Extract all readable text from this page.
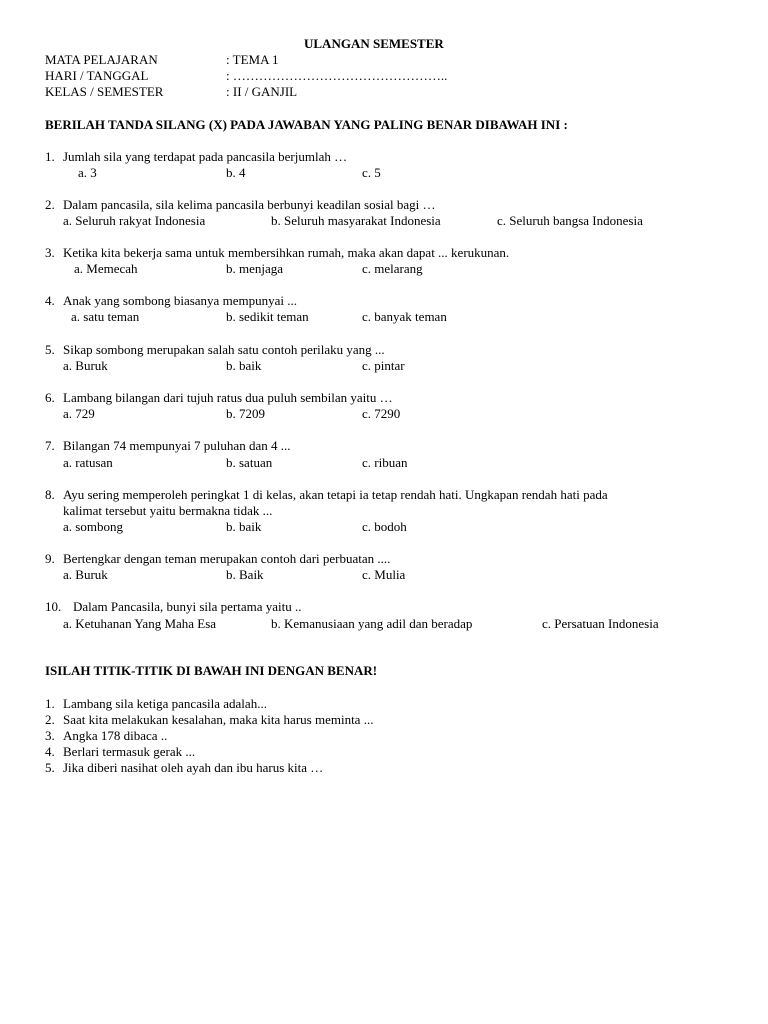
ULANGAN SEMESTER
MATA PELAJARAN	: TEMA 1
HARI / TANGGAL	: …………………………………………..
KELAS / SEMESTER	: II / GANJIL
BERILAH TANDA SILANG (X) PADA JAWABAN YANG PALING BENAR DIBAWAH INI :
1. Jumlah sila yang terdapat pada pancasila berjumlah …
a. 3	b. 4	c. 5
2. Dalam pancasila, sila kelima pancasila berbunyi keadilan sosial bagi …
a. Seluruh rakyat Indonesia	b. Seluruh masyarakat Indonesia	c. Seluruh bangsa Indonesia
3. Ketika kita bekerja sama untuk membersihkan rumah, maka akan dapat ... kerukunan.
a. Memecah	b. menjaga	c. melarang
4. Anak yang sombong biasanya mempunyai ...
a. satu teman	b. sedikit teman	c. banyak teman
5. Sikap sombong merupakan salah satu contoh perilaku yang ...
a. Buruk	b. baik	c. pintar
6. Lambang bilangan dari tujuh ratus dua puluh sembilan yaitu …
a. 729	b. 7209	c. 7290
7. Bilangan 74 mempunyai 7 puluhan dan 4 ...
a. ratusan	b. satuan	c. ribuan
8. Ayu sering memperoleh peringkat 1 di kelas, akan tetapi ia tetap rendah hati. Ungkapan rendah hati pada
kalimat tersebut yaitu bermakna tidak ...
a. sombong	b. baik	c. bodoh
9. Bertengkar dengan teman merupakan contoh dari perbuatan ....
a. Buruk	b. Baik	c. Mulia
10. Dalam Pancasila, bunyi sila pertama yaitu ..
a. Ketuhanan Yang Maha Esa	b. Kemanusiaan yang adil dan beradap	c. Persatuan Indonesia
ISILAH TITIK-TITIK DI BAWAH INI DENGAN BENAR!
1. Lambang sila ketiga pancasila adalah...
2. Saat kita melakukan kesalahan, maka kita harus meminta ...
3. Angka 178 dibaca ..
4. Berlari termasuk gerak ...
5. Jika diberi nasihat oleh ayah dan ibu harus kita …
